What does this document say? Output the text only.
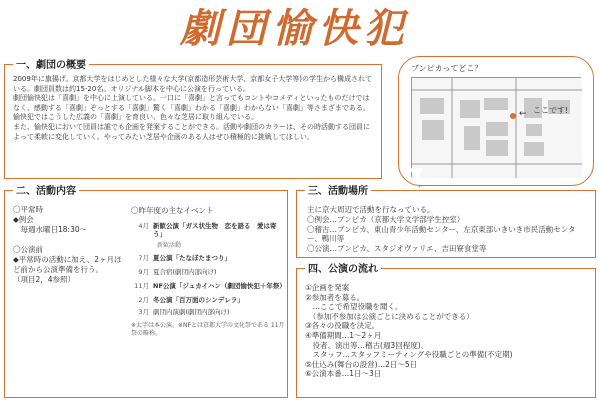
劇団愉快犯
一、劇団の概要

2009年に旗揚げ。京都大学をはじめとした様々な大学(京都造形芸術大学、京都女子大学等)の学生から構成されている。劇団員数は約15-20名。オリジナル脚本を中心に公演を行っている。

劇団愉快犯は「喜劇」を中心に上演している。一口に「喜劇」と言ってもコントやコメディといったものだけではなく、感動する「喜劇」ぞっとする「喜劇」驚く「喜劇」わかる「喜劇」わからない「喜劇」等さまざまである。愉快犯ではこうした広義の「喜劇」を育良い、色々な芝居に取り組んでいる。

また、愉快犯において団員は誰でも企画を発案することができる。活動や劇団のカラーは、その時活動する団員によって柔軟に変化していく。やってみたい芝居や企画のある人はぜひ積極的に挑戦してほしい。

ブンピカってどこ？
ここです!
←
二、活動内容
〇平常時
◆例会
　毎週水曜日18:30～
〇公演前
◆平常時の活動に加え、2ヶ月ほど前から公演準備を行う。
（項目2，4参照）
〇昨年度の主なイベント
4月 新歓公演「ガス状生物　恋を語る　愛は寄う」
新歓活動
7月 夏公演「たなぼたまつり」
9月 夏合宿(劇団内部向け)
11月 NF公演「ジュカイハン（劇団愉快犯＋年祭）
2月 冬公演「百万面のシンデレラ」
3月 劇団内演劇(劇団内部向け)
※太字は本公演。※NFとは京都大学の文化祭である 11月祭の略称。
三、活動場所
主に京大周辺で活動を行なっている。
〇例会…ブンピカ（京都大学文学部学生控室）
〇稽古…ブンピカ、東山青少年活動センター、左京東部いきいき市民活動センター、鴨川等
〇公演…ブンピカ、スタジオヴァリエ、吉田寮食堂等
四、公演の流れ
①企画を発案
②参加者を募る。
　…ここで希望役職を聞く。
　（参加不参加は公演ごとに決めることができる）
③各々の役職を決定。
④準備期間…1～2ヶ月
　役者、演出等…稽古(週3回程度)、
　スタッフ…スタッフミーティングや役職ごとの準備(不定期)
⑤仕込み(舞台の設営)…2日～5日
⑥公演本番…1日～3日
